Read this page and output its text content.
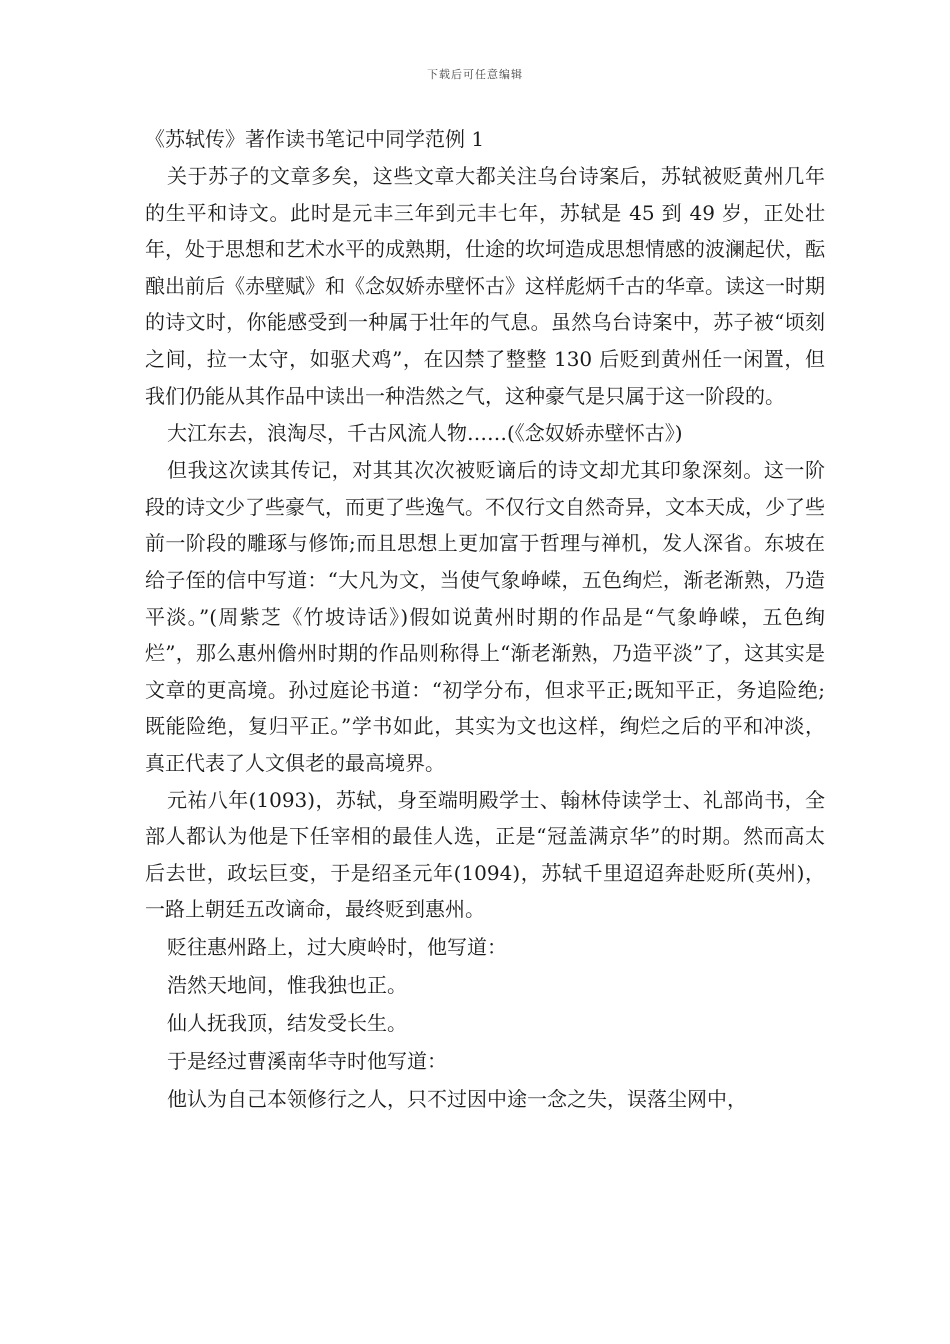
下载后可任意编辑
《苏轼传》著作读书笔记中同学范例 1

关于苏子的文章多矣，这些文章大都关注乌台诗案后，苏轼被贬黄州几年的生平和诗文。此时是元丰三年到元丰七年，苏轼是 45 到 49 岁，正处壮年，处于思想和艺术水平的成熟期，仕途的坎坷造成思想情感的波澜起伏，酝酿出前后《赤壁赋》和《念奴娇赤壁怀古》这样彪炳千古的华章。读这一时期的诗文时，你能感受到一种属于壮年的气息。虽然乌台诗案中，苏子被“顷刻之间，拉一太守，如驱犬鸡”，在囚禁了整整 130 后贬到黄州任一闲置，但我们仍能从其作品中读出一种浩然之气，这种豪气是只属于这一阶段的。

大江东去，浪淘尽，千古风流人物……(《念奴娇赤壁怀古》)

但我这次读其传记，对其其次次被贬谪后的诗文却尤其印象深刻。这一阶段的诗文少了些豪气，而更了些逸气。不仅行文自然奇异，文本天成，少了些前一阶段的雕琢与修饰;而且思想上更加富于哲理与禅机，发人深省。东坡在给子侄的信中写道：“大凡为文，当使气象峥嵘，五色绚烂，渐老渐熟，乃造平淡。”(周紫芝《竹坡诗话》)假如说黄州时期的作品是“气象峥嵘，五色绚烂”，那么惠州儋州时期的作品则称得上“渐老渐熟，乃造平淡”了，这其实是文章的更高境。孙过庭论书道：“初学分布，但求平正;既知平正，务追险绝;既能险绝，复归平正。”学书如此，其实为文也这样，绚烂之后的平和冲淡，真正代表了人文俱老的最高境界。

元祐八年(1093)，苏轼，身至端明殿学士、翰林侍读学士、礼部尚书，全部人都认为他是下任宰相的最佳人选，正是“冠盖满京华”的时期。然而高太后去世，政坛巨变，于是绍圣元年(1094)，苏轼千里迢迢奔赴贬所(英州)，一路上朝廷五改谪命，最终贬到惠州。

贬往惠州路上，过大庾岭时，他写道：

浩然天地间，惟我独也正。

仙人抚我顶，结发受长生。

于是经过曹溪南华寺时他写道：

他认为自己本领修行之人，只不过因中途一念之失，误落尘网中，
